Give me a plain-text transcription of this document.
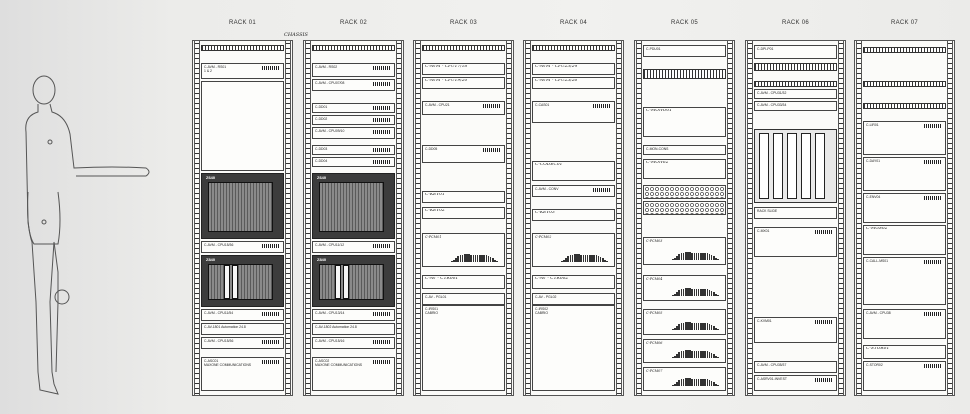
RACK 01
CHASSIS
C-AVM - RS01
1 & 2
Z640
C-AVM - CPU15/36
Z840
C-AVM - CPU11/54
C-AV-1801 Automation 24.8
C-AVM - CPU15/36
C-ASC01
MAXONE COMMUNICATIONS
RACK 02
C-AVM - RS02
C-AVM - CPU07/08
C-DD01
C-DD02
C-AVM - CPU09/10
C-DD03
C-DD04
Z640
C-AVM - CPU11/12
Z840
C-AVM - CPU13/14
C-AV-1802 Automation 24.8
C-AVM - CPU15/16
C-ASC02
MAXONE COMMUNICATIONS
RACK 03
C-AVM - CPU17/18
C-AVM - CPU19/20
C-AVM - CPU21
C-DD05
C-KEY01
C-KEY02
C-PCM01
C-AV - CTR001
C-AV - PGL01
C-IRS01
CABRIO
RACK 04
C-AVM - CPU23/24
C-AVM - CPU25/26
C-CAS01
C-CODEC01
C-AVM - CONV
C-KEY03
C-PCM02
C-AV - CTR002
C-AV - PGL02
C-IRS02
CABRIO
RACK 05
C-PDU01
C-MONO01
C-MON-CONS
C-MON02
C-PCM03
C-PCM04
C-PCM05
C-PCM06
C-PCM07
RACK 06
C-DPI-P01
C-AVM - CPU31/32
C-AVM - CPU33/34
RACK SLIDE
C-MX01
C-KVM01
C-AVM - CPU35/37
C-ASRV01-INVEST
RACK 07
C-LIR01
C-DAY01
C-ENV04
C-MGS02
C-CALL-MS01
C-AVM - CPU38
C-STOR01
C-STOR02
